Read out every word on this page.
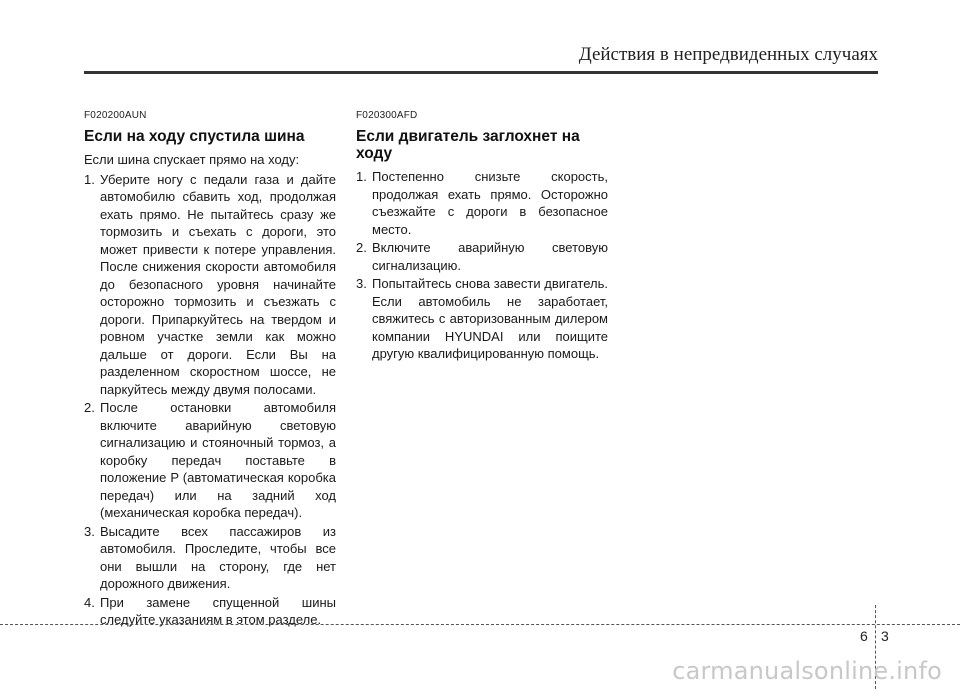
Действия в непредвиденных случаях
F020200AUN
Если на ходу спустила шина
Если шина спускает прямо на ходу:
1. Уберите ногу с педали газа и дайте автомобилю сбавить ход, продолжая ехать прямо. Не пытайтесь сразу же тормозить и съехать с дороги, это может привести к потере управления. После снижения скорости автомобиля до безопасного уровня начинайте осторожно тормозить и съезжать с дороги. Припаркуйтесь на твердом и ровном участке земли как можно дальше от дороги. Если Вы на разделенном скоростном шоссе, не паркуйтесь между двумя полосами.
2. После остановки автомобиля включите аварийную световую сигнализацию и стояночный тормоз, а коробку передач поставьте в положение P (автоматическая коробка передач) или на задний ход (механическая коробка передач).
3. Высадите всех пассажиров из автомобиля. Проследите, чтобы все они вышли на сторону, где нет дорожного движения.
4. При замене спущенной шины следуйте указаниям в этом разделе.
F020300AFD
Если двигатель заглохнет на ходу
1. Постепенно снизьте скорость, продолжая ехать прямо. Осторожно съезжайте с дороги в безопасное место.
2. Включите аварийную световую сигнализацию.
3. Попытайтесь снова завести двигатель. Если автомобиль не заработает, свяжитесь с авторизованным дилером компании HYUNDAI или поищите другую квалифицированную помощь.
6 3
carmanualsonline.info
